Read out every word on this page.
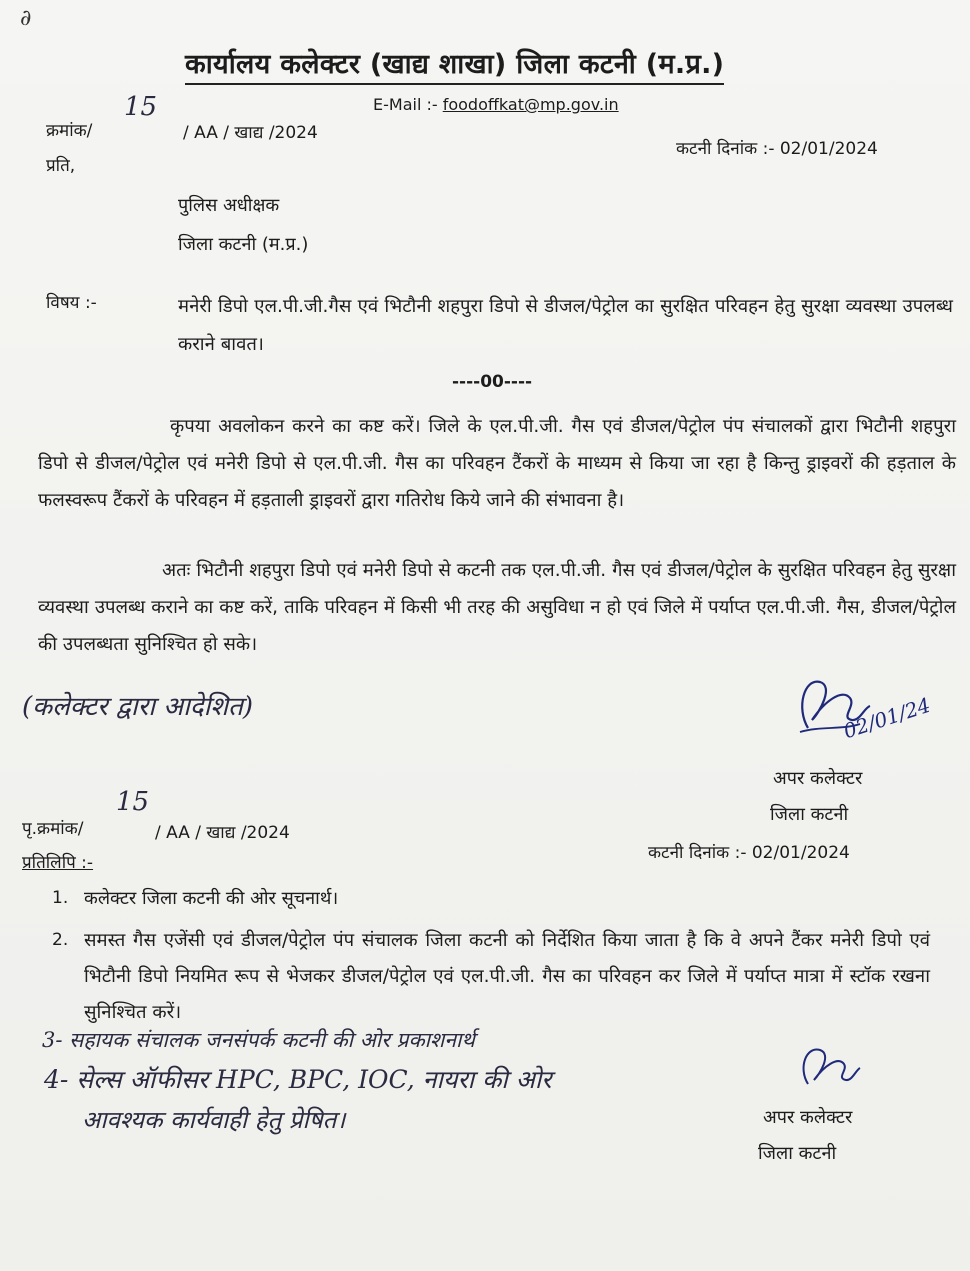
∂
कार्यालय कलेक्टर (खाद्य शाखा) जिला कटनी (म.प्र.)
E-Mail :- foodoffkat@mp.gov.in
क्रमांक/
15
/ AA / खाद्य /2024
कटनी दिनांक :- 02/01/2024
प्रति,
पुलिस अधीक्षक
जिला कटनी (म.प्र.)
विषय :-	मनेरी डिपो एल.पी.जी.गैस एवं भिटौनी शहपुरा डिपो से डीजल/पेट्रोल का सुरक्षित परिवहन हेतु सुरक्षा व्यवस्था उपलब्ध कराने बावत।
----00----
कृपया अवलोकन करने का कष्ट करें। जिले के एल.पी.जी. गैस एवं डीजल/पेट्रोल पंप संचालकों द्वारा भिटौनी शहपुरा डिपो से डीजल/पेट्रोल एवं मनेरी डिपो से एल.पी.जी. गैस का परिवहन टैंकरों के माध्यम से किया जा रहा है किन्तु ड्राइवरों की हड़ताल के फलस्वरूप टैंकरों के परिवहन में हड़ताली ड्राइवरों द्वारा गतिरोध किये जाने की संभावना है।
अतः भिटौनी शहपुरा डिपो एवं मनेरी डिपो से कटनी तक एल.पी.जी. गैस एवं डीजल/पेट्रोल के सुरक्षित परिवहन हेतु सुरक्षा व्यवस्था उपलब्ध कराने का कष्ट करें, ताकि परिवहन में किसी भी तरह की असुविधा न हो एवं जिले में पर्याप्त एल.पी.जी. गैस, डीजल/पेट्रोल की उपलब्धता सुनिश्चित हो सके।
(कलेक्टर द्वारा आदेशित)	02/01/24
अपर कलेक्टर
जिला कटनी
पृ.क्रमांक/
15
/ AA / खाद्य /2024
कटनी दिनांक :- 02/01/2024
प्रतिलिपि :-
1. कलेक्टर जिला कटनी की ओर सूचनार्थ।
2. समस्त गैस एजेंसी एवं डीजल/पेट्रोल पंप संचालक जिला कटनी को निर्देशित किया जाता है कि वे अपने टैंकर मनेरी डिपो एवं भिटौनी डिपो नियमित रूप से भेजकर डीजल/पेट्रोल एवं एल.पी.जी. गैस का परिवहन कर जिले में पर्याप्त मात्रा में स्टॉक रखना सुनिश्चित करें।
3- सहायक संचालक जनसंपर्क कटनी की ओर प्रकाशनार्थ
4- सेल्स ऑफीसर HPC, BPC, IOC, नायरा की ओर
आवश्यक कार्यवाही हेतु प्रेषित।	अपर कलेक्टर
जिला कटनी
